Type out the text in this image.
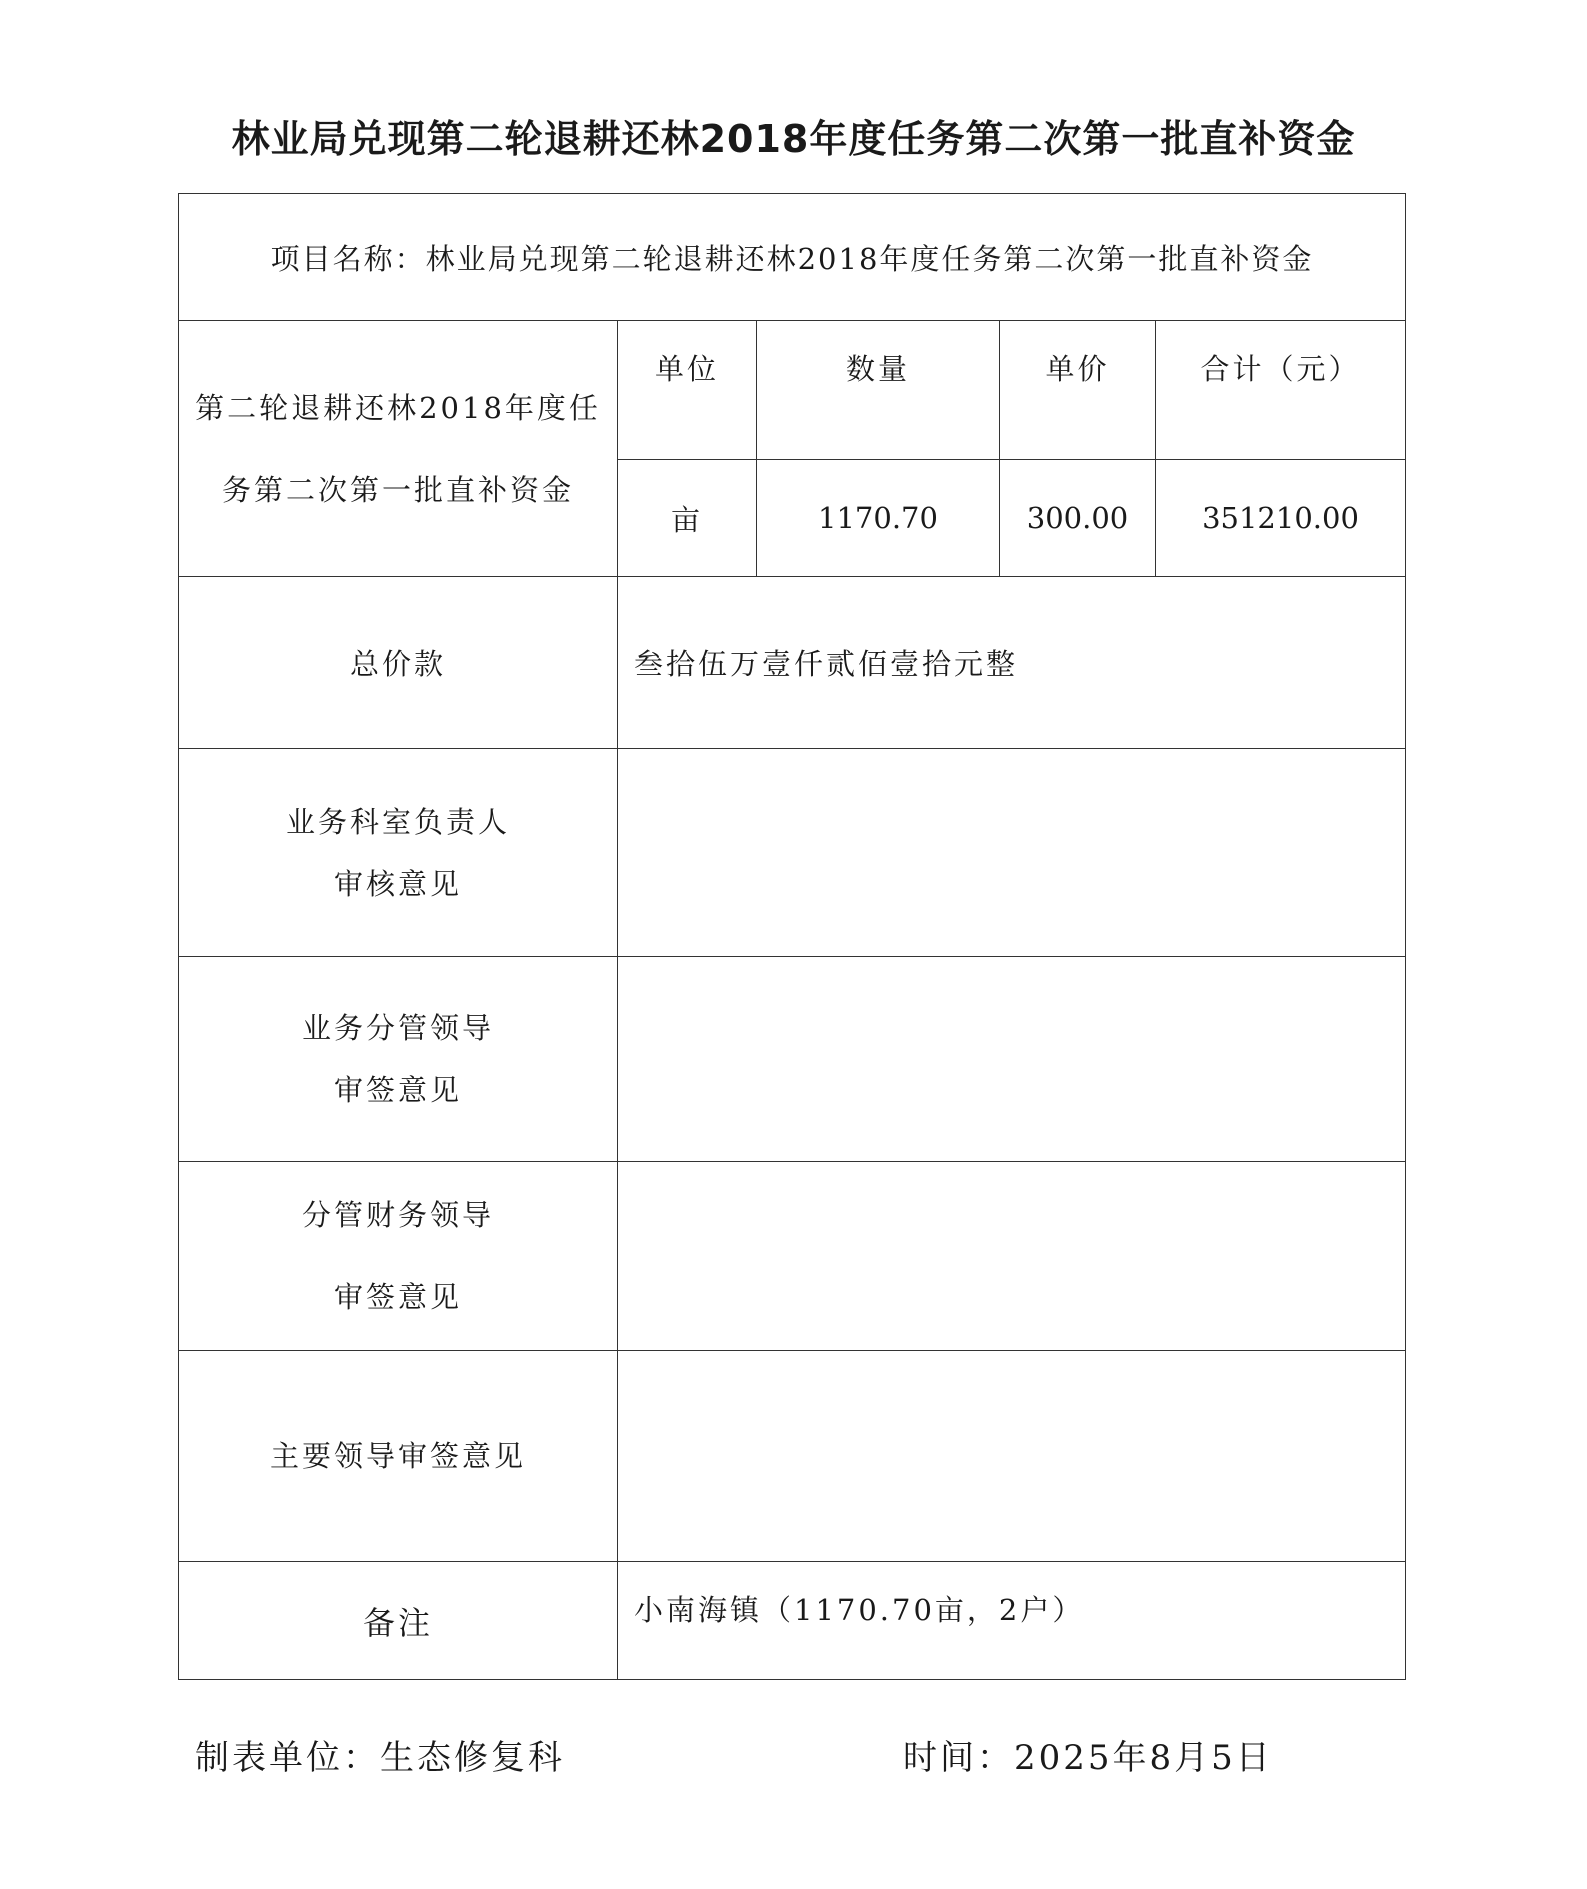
林业局兑现第二轮退耕还林2018年度任务第二次第一批直补资金
项目名称：林业局兑现第二轮退耕还林2018年度任务第二次第一批直补资金				

第二轮退耕还林2018年度任
务第二次第一批直补资金	单位	数量	单价	合计（元）
	亩	1170.70	300.00	351210.00
总价款	叁拾伍万壹仟贰佰壹拾元整			

业务科室负责人
审核意见				

业务分管领导
审签意见				

分管财务领导
审签意见				

主要领导审签意见				

备注	小南海镇（1170.70亩，2户）			
制表单位：生态修复科	时间：2025年8月5日
